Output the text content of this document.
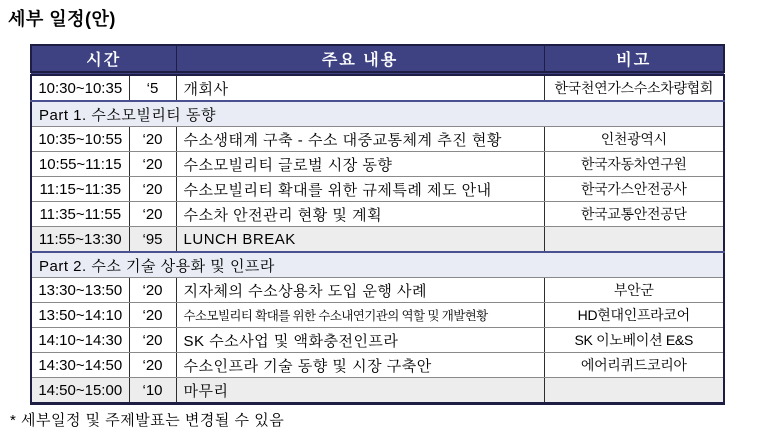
세부 일정(안)
시간		주요 내용	비고
10:30~10:35	‘5	개회사	한국천연가스수소차량협회
Part 1. 수소모빌리티 동향			
10:35~10:55	‘20	수소생태계 구축 - 수소 대중교통체계 추진 현황	인천광역시
10:55~11:15	‘20	수소모빌리티 글로벌 시장 동향	한국자동차연구원
11:15~11:35	‘20	수소모빌리티 확대를 위한 규제특례 제도 안내	한국가스안전공사
11:35~11:55	‘20	수소차 안전관리 현황 및 계획	한국교통안전공단
11:55~13:30	‘95	LUNCH BREAK	
Part 2. 수소 기술 상용화 및 인프라			
13:30~13:50	‘20	지자체의 수소상용차 도입 운행 사례	부안군
13:50~14:10	‘20	수소모빌리티 확대를 위한 수소내연기관의 역할 및 개발현황	HD현대인프라코어
14:10~14:30	‘20	SK 수소사업 및 액화충전인프라	SK 이노베이션 E&S
14:30~14:50	‘20	수소인프라 기술 동향 및 시장 구축안	에어리퀴드코리아
14:50~15:00	‘10	마무리	

* 세부일정 및 주제발표는 변경될 수 있음
